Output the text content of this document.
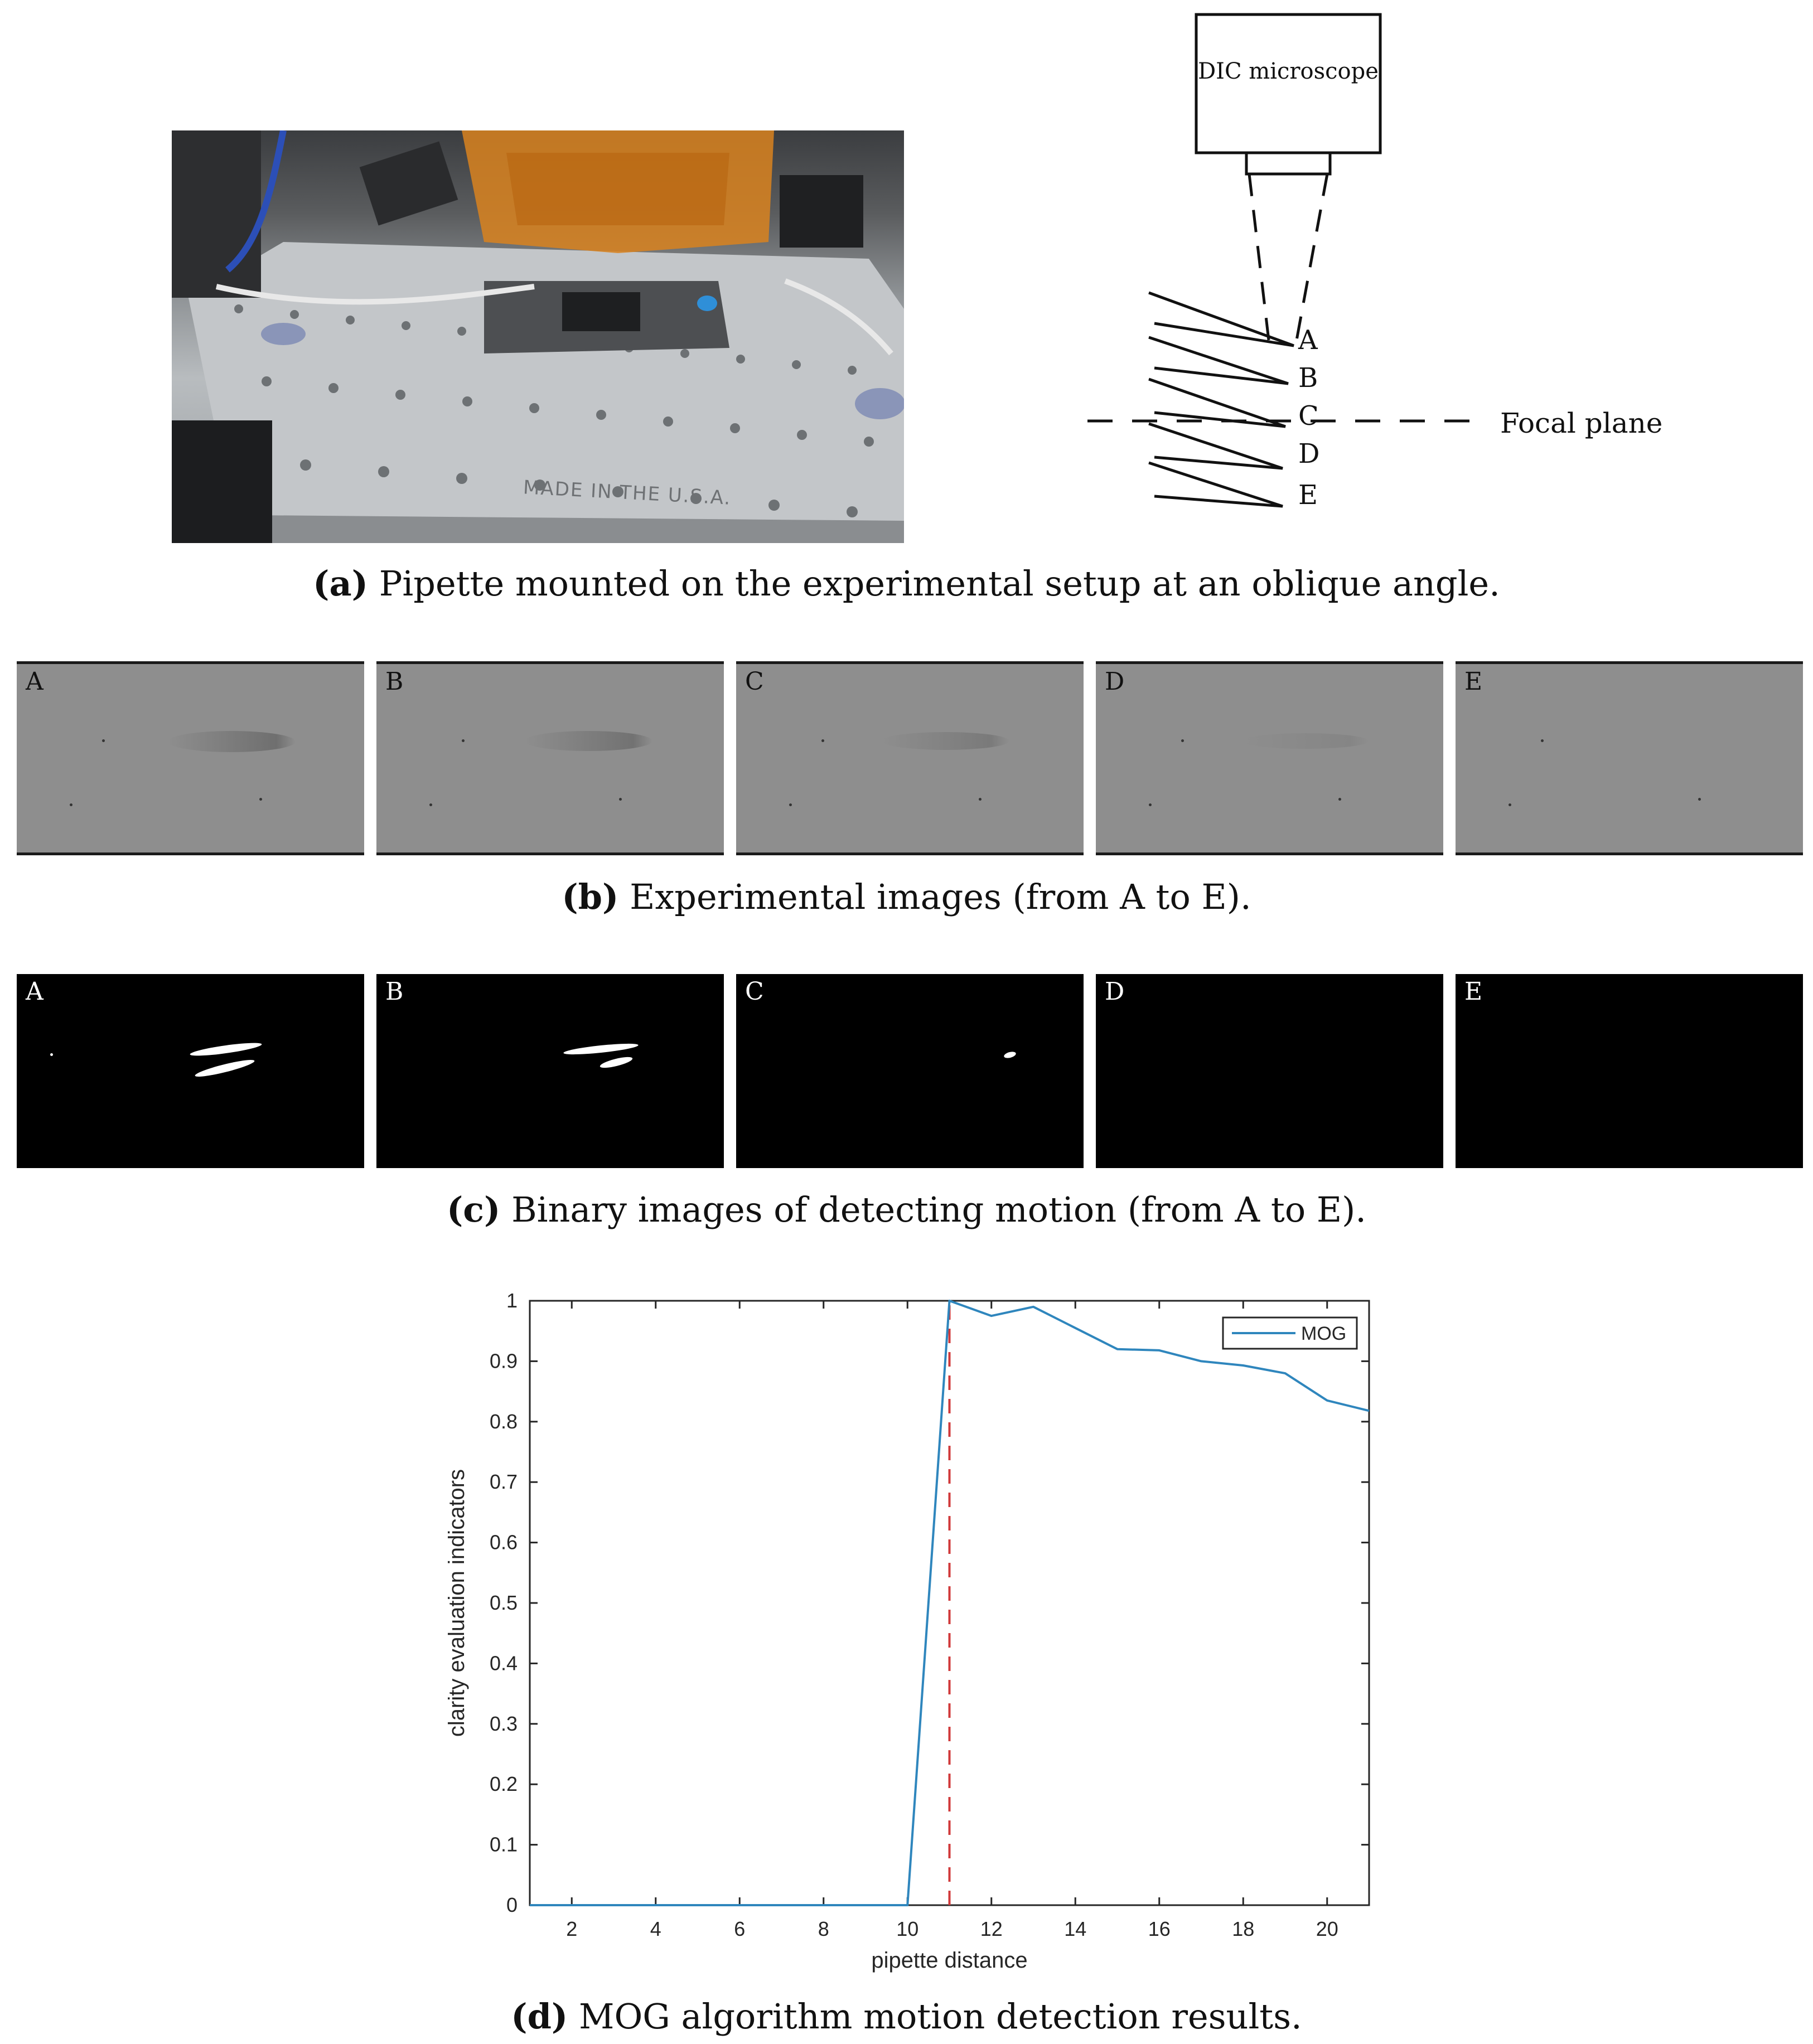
MADE IN THE U.S.A.
DIC microscope
A
B
C
D
E
Focal plane
(a) Pipette mounted on the experimental setup at an oblique angle.
A	B	C	D	E
(b) Experimental images (from A to E).
A	B	C	D	E
(c) Binary images of detecting motion (from A to E).
2	4	6	8	10	12	14	16	18	20
0
0.1
0.2
0.3
0.4
0.5
0.6
0.7
0.8
0.9
1
pipette distance
clarity evaluation indicators
MOG
(d) MOG algorithm motion detection results.
